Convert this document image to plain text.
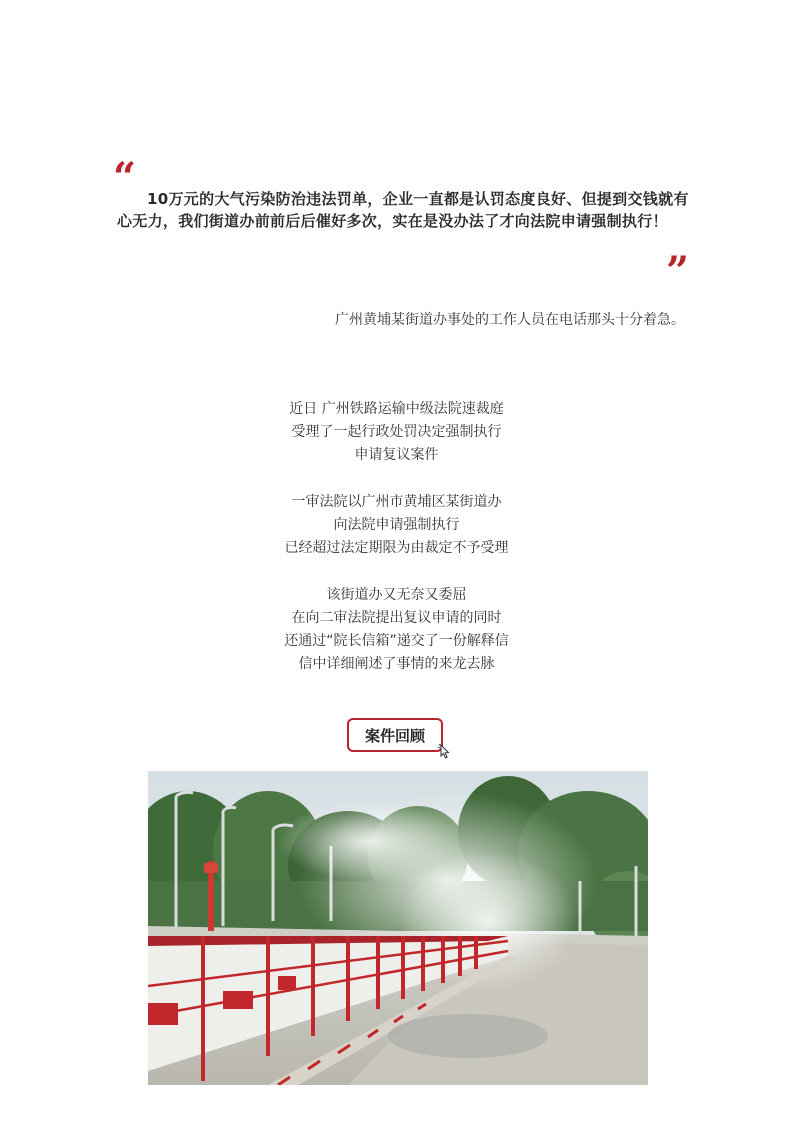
“ 10万元的大气污染防治违法罚单，企业一直都是认罚态度良好、但提到交钱就有心无力，我们街道办前前后后催好多次，实在是没办法了才向法院申请强制执行！
”
广州黄埔某街道办事处的工作人员在电话那头十分着急。
近日 广州铁路运输中级法院速裁庭
受理了一起行政处罚决定强制执行
申请复议案件
一审法院以广州市黄埔区某街道办
向法院申请强制执行
已经超过法定期限为由裁定不予受理
该街道办又无奈又委屈
在向二审法院提出复议申请的同时
还通过“院长信箱”递交了一份解释信
信中详细阐述了事情的来龙去脉
案件回顾
